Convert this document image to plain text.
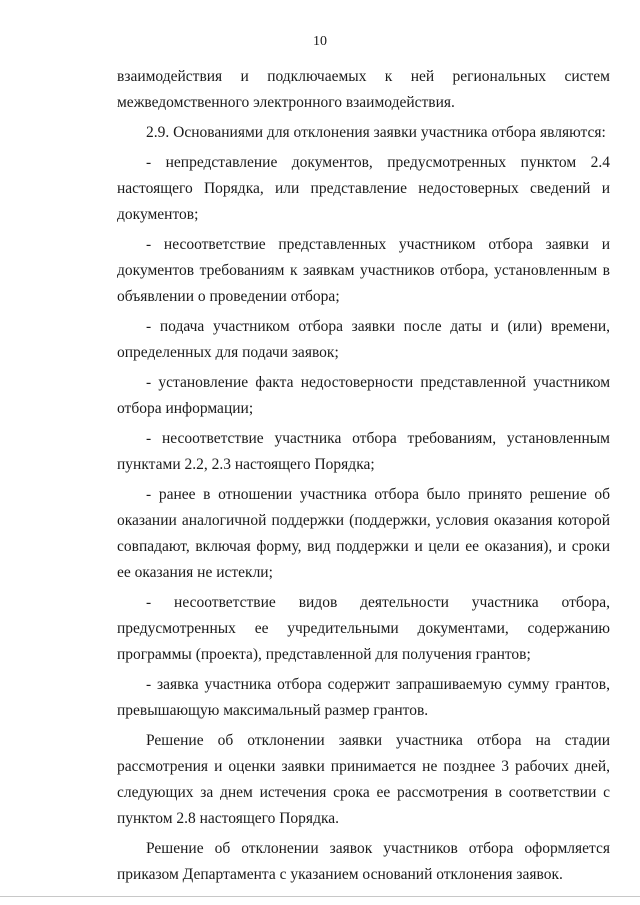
10

взаимодействия и подключаемых к ней региональных систем межведомственного электронного взаимодействия.

2.9. Основаниями для отклонения заявки участника отбора являются:

- непредставление документов, предусмотренных пунктом 2.4 настоящего Порядка, или представление недостоверных сведений и документов;

- несоответствие представленных участником отбора заявки и документов требованиям к заявкам участников отбора, установленным в объявлении о проведении отбора;

- подача участником отбора заявки после даты и (или) времени, определенных для подачи заявок;

- установление факта недостоверности представленной участником отбора информации;

- несоответствие участника отбора требованиям, установленным пунктами 2.2, 2.3 настоящего Порядка;

- ранее в отношении участника отбора было принято решение об оказании аналогичной поддержки (поддержки, условия оказания которой совпадают, включая форму, вид поддержки и цели ее оказания), и сроки ее оказания не истекли;

- несоответствие видов деятельности участника отбора, предусмотренных ее учредительными документами, содержанию программы (проекта), представленной для получения грантов;

- заявка участника отбора содержит запрашиваемую сумму грантов, превышающую максимальный размер грантов.

Решение об отклонении заявки участника отбора на стадии рассмотрения и оценки заявки принимается не позднее 3 рабочих дней, следующих за днем истечения срока ее рассмотрения в соответствии с пунктом 2.8 настоящего Порядка.

Решение об отклонении заявок участников отбора оформляется приказом Департамента с указанием оснований отклонения заявок.
